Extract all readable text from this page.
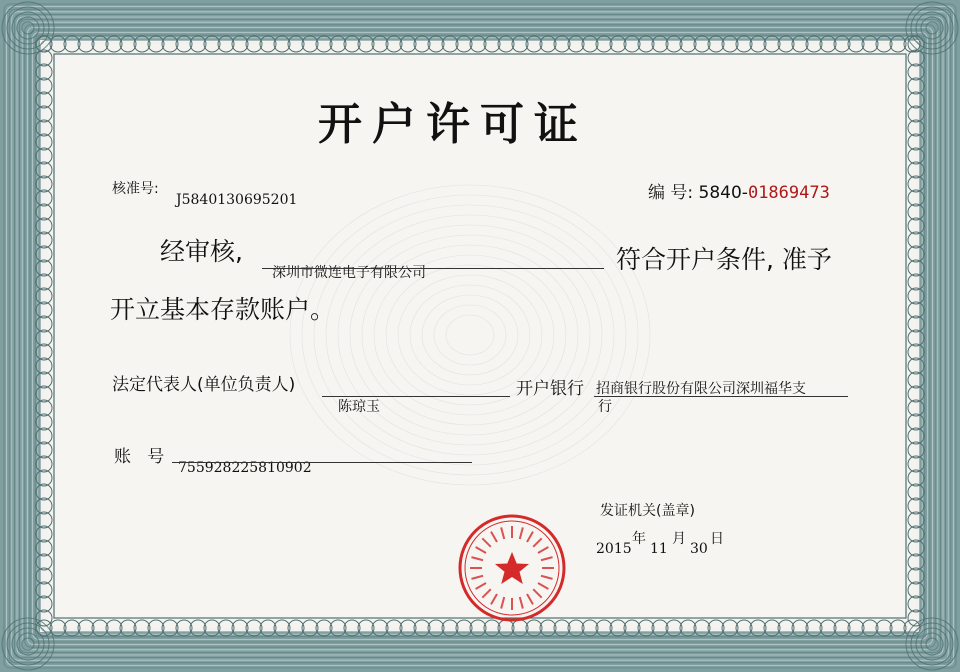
开户许可证
核准号:
J5840130695201	编 号: 5840-01869473
经审核,
深圳市微连电子有限公司	符合开户条件, 准予
开立基本存款账户。
法定代表人(单位负责人)
陈琼玉
开户银行 招商银行股份有限公司深圳福华支
行
账   号
755928225810902
发证机关(盖章)
2015
年
11
月
30
日
